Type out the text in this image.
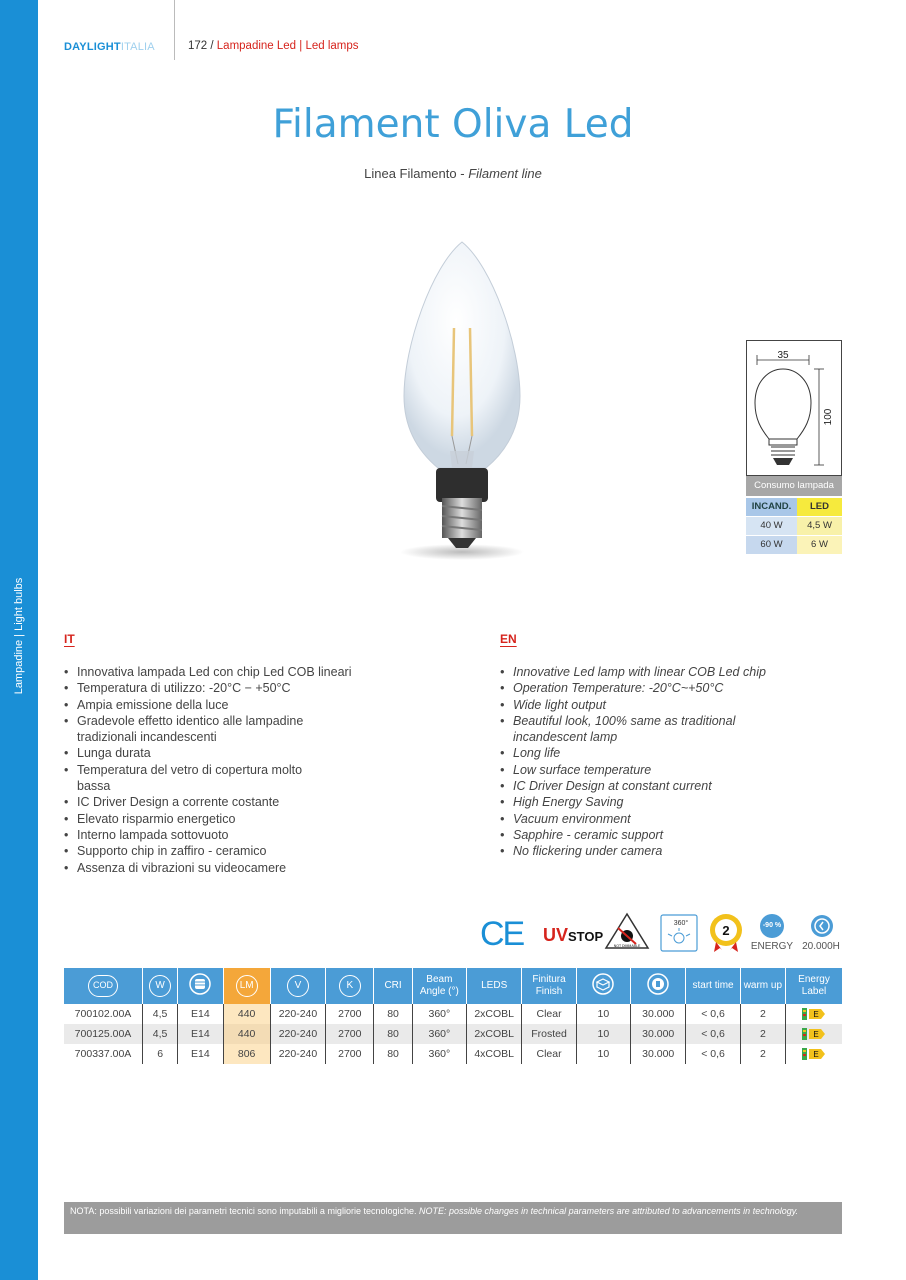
Lampadine | Light bulbs
DAYLIGHTITALIA	172 / Lampadine Led | Led lamps
Filament Oliva Led
Linea Filamento - Filament line
35
100
Consumo lampada
INCAND.	LED
40 W	4,5 W
60 W	6 W
IT
• Innovativa lampada Led con chip Led COB lineari
• Temperatura di utilizzo: -20°C − +50°C
• Ampia emissione della luce
• Gradevole effetto identico alle lampadine tradizionali incandescenti
• Lunga durata
• Temperatura del vetro di copertura molto bassa
• IC Driver Design a corrente costante
• Elevato risparmio energetico
• Interno lampada sottovuoto
• Supporto chip in zaffiro - ceramico
• Assenza di vibrazioni su videocamere
EN
• Innovative Led lamp with linear COB Led chip
• Operation Temperature: -20°C~+50°C
• Wide light output
• Beautiful look, 100% same as traditional incandescent lamp
• Long life
• Low surface temperature
• IC Driver Design at constant current
• High Energy Saving
• Vacuum environment
• Sapphire - ceramic support
• No flickering under camera
CE UVSTOP
NOT DIMMABLE
360°	2	-90 %
ENERGY 20.000H
COD	W		LM	V	K	CRI	Beam Angle (°)	LEDS	Finitura Finish			start time	warm up	Energy Label
700102.00A	4,5	E14	440	220-240	2700	80	360°	2xCOBL	Clear	10	30.000	< 0,6	2	E

700125.00A	4,5	E14	440	220-240	2700	80	360°	2xCOBL	Frosted	10	30.000	< 0,6	2	E

700337.00A	6	E14	806	220-240	2700	80	360°	4xCOBL	Clear	10	30.000	< 0,6	2	E
NOTA: possibili variazioni dei parametri tecnici sono imputabili a migliorie tecnologiche. NOTE: possible changes in technical parameters are attributed to advancements in technology.
